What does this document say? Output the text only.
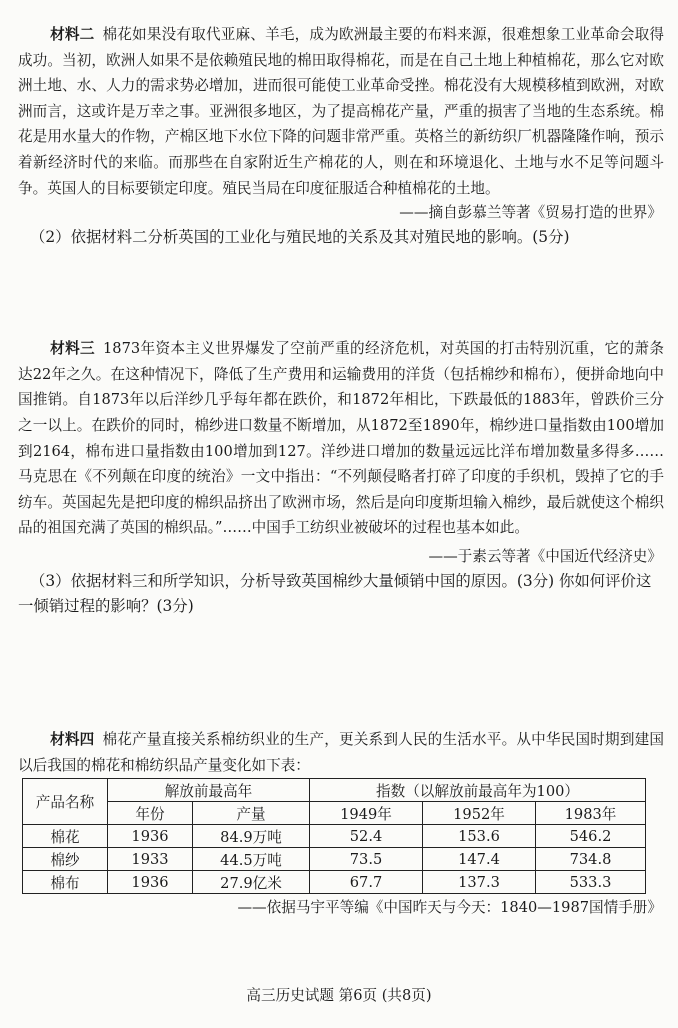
材料二 棉花如果没有取代亚麻、羊毛，成为欧洲最主要的布料来源，很难想象工业革命会取得成功。当初，欧洲人如果不是依赖殖民地的棉田取得棉花，而是在自己土地上种植棉花，那么它对欧洲土地、水、人力的需求势必增加，进而很可能使工业革命受挫。棉花没有大规模移植到欧洲，对欧洲而言，这或许是万幸之事。亚洲很多地区，为了提高棉花产量，严重的损害了当地的生态系统。棉花是用水量大的作物，产棉区地下水位下降的问题非常严重。英格兰的新纺织厂机器隆隆作响，预示着新经济时代的来临。而那些在自家附近生产棉花的人，则在和环境退化、土地与水不足等问题斗争。英国人的目标要锁定印度。殖民当局在印度征服适合种植棉花的土地。

——摘自彭慕兰等著《贸易打造的世界》

（2）依据材料二分析英国的工业化与殖民地的关系及其对殖民地的影响。(5分)

材料三 1873年资本主义世界爆发了空前严重的经济危机，对英国的打击特别沉重，它的萧条达22年之久。在这种情况下，降低了生产费用和运输费用的洋货（包括棉纱和棉布），便拼命地向中国推销。自1873年以后洋纱几乎每年都在跌价，和1872年相比，下跌最低的1883年，曾跌价三分之一以上。在跌价的同时，棉纱进口数量不断增加，从1872至1890年，棉纱进口量指数由100增加到2164，棉布进口量指数由100增加到127。洋纱进口增加的数量远远比洋布增加数量多得多……马克思在《不列颠在印度的统治》一文中指出：“不列颠侵略者打碎了印度的手织机，毁掉了它的手纺车。英国起先是把印度的棉织品挤出了欧洲市场，然后是向印度斯坦输入棉纱，最后就使这个棉织品的祖国充满了英国的棉织品。”……中国手工纺织业被破坏的过程也基本如此。

——于素云等著《中国近代经济史》

（3）依据材料三和所学知识，分析导致英国棉纱大量倾销中国的原因。(3分) 你如何评价这一倾销过程的影响？(3分)

材料四 棉花产量直接关系棉纺织业的生产，更关系到人民的生活水平。从中华民国时期到建国以后我国的棉花和棉纺织品产量变化如下表：

产品名称	解放前最高年		指数（以解放前最高年为100）		
	年份	产量	1949年	1952年	1983年
棉花	1936	84.9万吨	52.4	153.6	546.2
棉纱	1933	44.5万吨	73.5	147.4	734.8
棉布	1936	27.9亿米	67.7	137.3	533.3

——依据马宇平等编《中国昨天与今天：1840—1987国情手册》

高三历史试题 第6页 (共8页)
